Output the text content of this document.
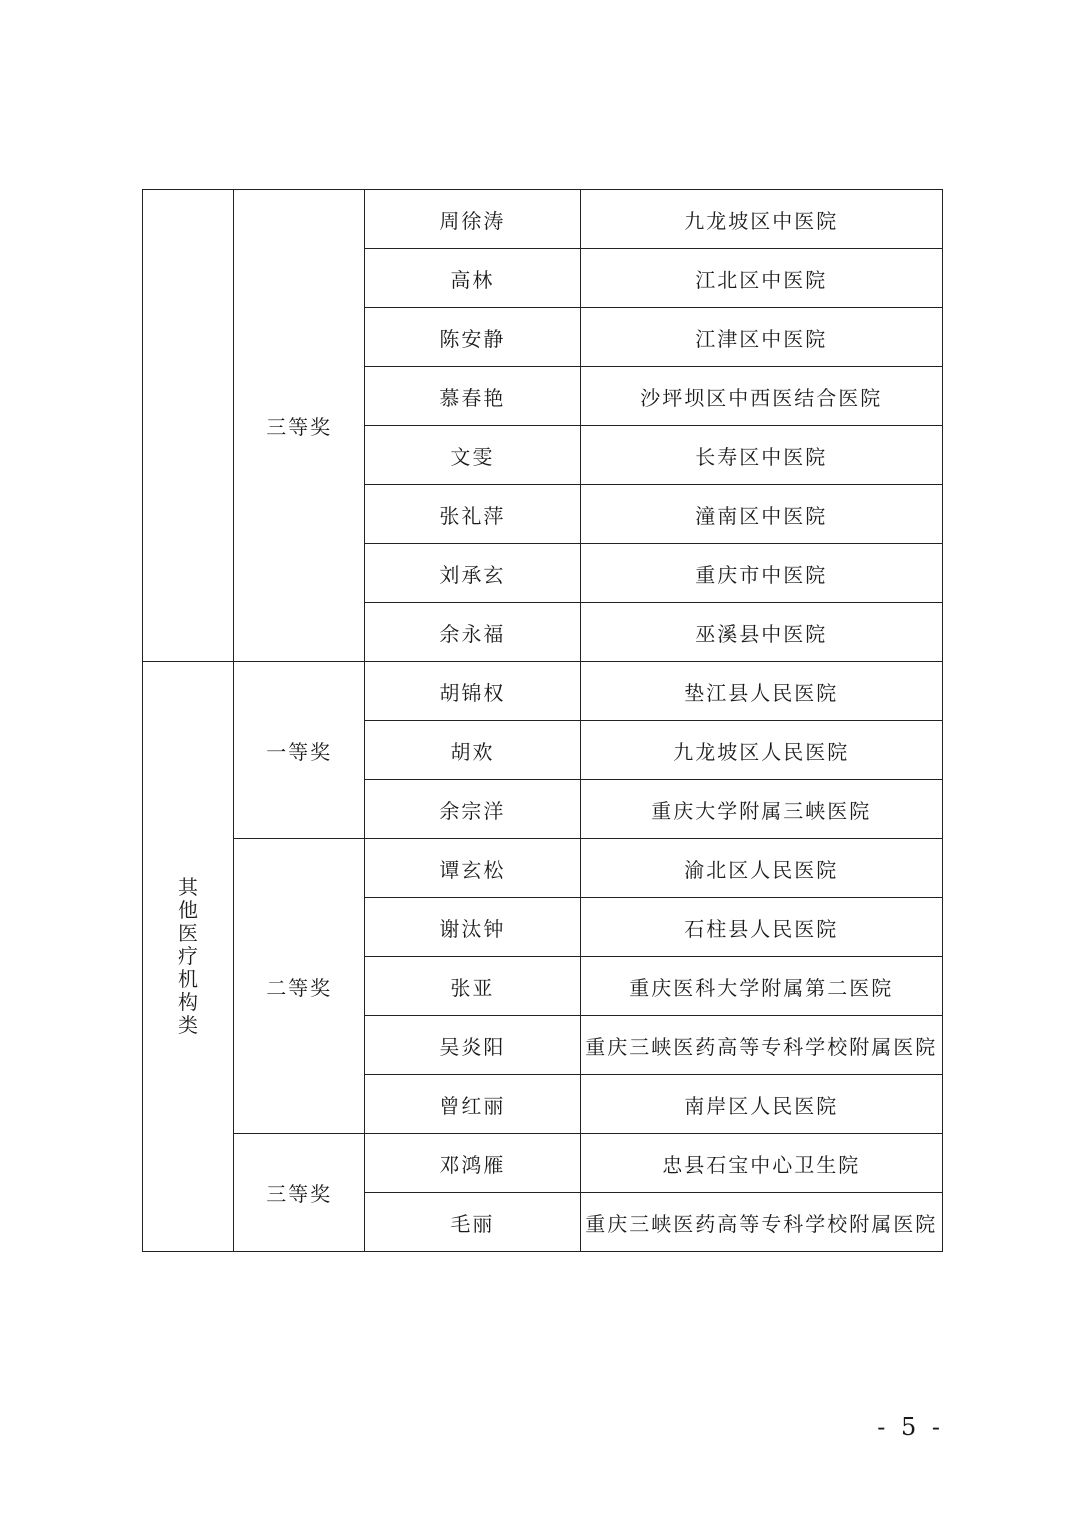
	三等奖	周徐涛	九龙坡区中医院
		高林	江北区中医院
		陈安静	江津区中医院
		慕春艳	沙坪坝区中西医结合医院
		文雯	长寿区中医院
		张礼萍	潼南区中医院
		刘承玄	重庆市中医院
		余永福	巫溪县中医院
其他医疗机构类	一等奖	胡锦权	垫江县人民医院
		胡欢	九龙坡区人民医院
		余宗洋	重庆大学附属三峡医院
	二等奖	谭玄松	渝北区人民医院
		谢汰钟	石柱县人民医院
		张亚	重庆医科大学附属第二医院
		吴炎阳	重庆三峡医药高等专科学校附属医院
		曾红丽	南岸区人民医院
	三等奖	邓鸿雁	忠县石宝中心卫生院
		毛丽	重庆三峡医药高等专科学校附属医院
- 5 -
